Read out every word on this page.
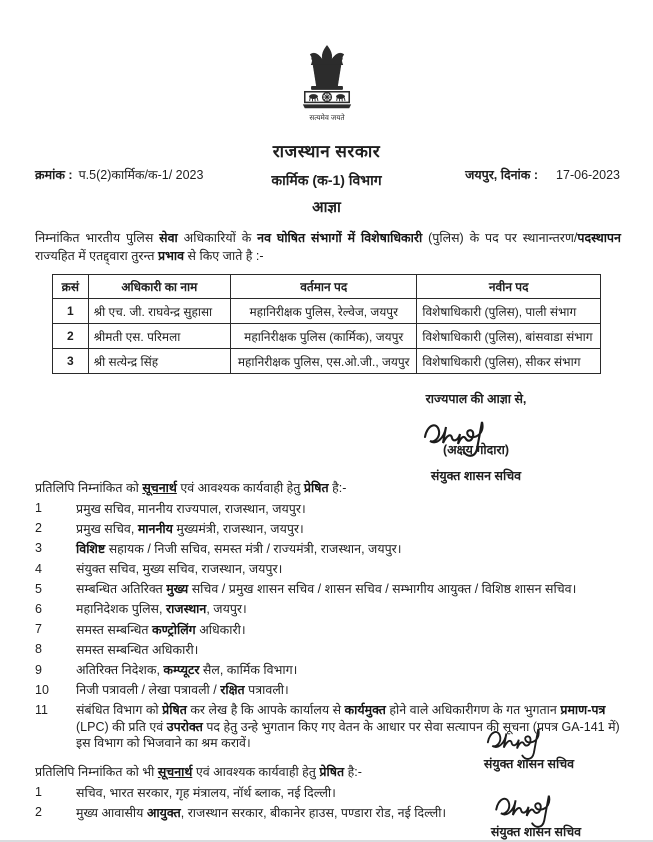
सत्यमेव जयते
राजस्थान सरकार
कार्मिक (क-1) विभाग
क्रमांक : प.5(2)कार्मिक/क-1/ 2023	जयपुर, दिनांक : 17-06-2023
आज्ञा
निम्नांकित भारतीय पुलिस सेवा अधिकारियों के नव घोषित संभागों में विशेषाधिकारी (पुलिस) के पद पर स्थानान्तरण/पदस्थापन राज्यहित में एतद्द्वारा तुरन्त प्रभाव से किए जाते है :-
क्रसं	अधिकारी का नाम	वर्तमान पद	नवीन पद
1	श्री एच. जी. राघवेन्द्र सुहासा	महानिरीक्षक पुलिस, रेल्वेज, जयपुर	विशेषाधिकारी (पुलिस), पाली संभाग
2	श्रीमती एस. परिमला	महानिरीक्षक पुलिस (कार्मिक), जयपुर	विशेषाधिकारी (पुलिस), बांसवाडा संभाग
3	श्री सत्येन्द्र सिंह	महानिरीक्षक पुलिस, एस.ओ.जी., जयपुर	विशेषाधिकारी (पुलिस), सीकर संभाग
राज्यपाल की आज्ञा से,
(अक्षय गोदारा)
संयुक्त शासन सचिव
प्रतिलिपि निम्नांकित को सूचनार्थ एवं आवश्यक कार्यवाही हेतु प्रेषित है:-
1	प्रमुख सचिव, माननीय राज्यपाल, राजस्थान, जयपुर।
2	प्रमुख सचिव, माननीय मुख्यमंत्री, राजस्थान, जयपुर।
3	विशिष्ट सहायक / निजी सचिव, समस्त मंत्री / राज्यमंत्री, राजस्थान, जयपुर।
4	संयुक्त सचिव, मुख्य सचिव, राजस्थान, जयपुर।
5	सम्बन्धित अतिरिक्त मुख्य सचिव / प्रमुख शासन सचिव / शासन सचिव / सम्भागीय आयुक्त / विशिष्ठ शासन सचिव।
6	महानिदेशक पुलिस, राजस्थान, जयपुर।
7	समस्त सम्बन्धित कण्ट्रोलिंग अधिकारी।
8	समस्त सम्बन्धित अधिकारी।
9	अतिरिक्त निदेशक, कम्प्यूटर सैल, कार्मिक विभाग।
10	निजी पत्रावली / लेखा पत्रावली / रक्षित पत्रावली।
11	संबंधित विभाग को प्रेषित कर लेख है कि आपके कार्यालय से कार्यमुक्त होने वाले अधिकारीगण के गत भुगतान प्रमाण-पत्र (LPC) की प्रति एवं उपरोक्त पद हेतु उन्हे भुगतान किए गए वेतन के आधार पर सेवा सत्यापन की सूचना (प्रपत्र GA-141 में) इस विभाग को भिजवाने का श्रम करावें।
संयुक्त शासन सचिव
प्रतिलिपि निम्नांकित को भी सूचनार्थ एवं आवश्यक कार्यवाही हेतु प्रेषित है:-
1	सचिव, भारत सरकार, गृह मंत्रालय, नॉर्थ ब्लाक, नई दिल्ली।
2	मुख्य आवासीय आयुक्त, राजस्थान सरकार, बीकानेर हाउस, पण्डारा रोड, नई दिल्ली।
संयुक्त शासन सचिव
